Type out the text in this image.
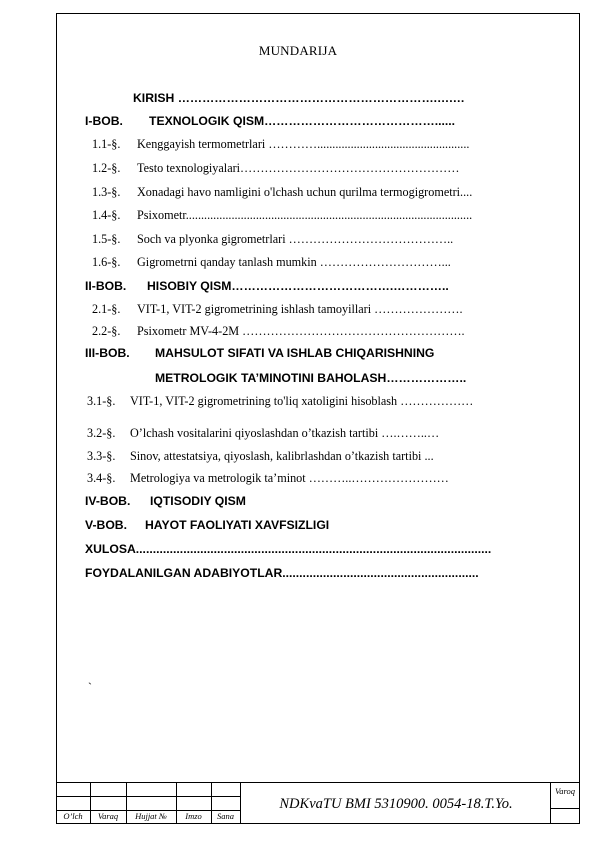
MUNDARIJA
KIRISH ……………………………………………………….….…
I-BOB. TEXNOLOGIK QISM……………………………………......
1.1-§. Kenggayish termometrlari …………..................................................
1.2-§. Testo texnologiyalari………………………………………………
1.3-§. Xonadagi havo namligini o'lchash uchun qurilma termogigrometri....
1.4-§. Psixometr..............................................................................................
1.5-§. Soch va plyonka gigrometrlari …………………………………..
1.6-§. Gigrometrni qanday tanlash mumkin …………………………...
II-BOB. HISOBIY QISM………………………………….…………..
2.1-§. VIT-1, VIT-2 gigrometrining ishlash tamoyillari ………………….
2.2-§. Psixometr MV-4-2M ……………………………………………….
III-BOB. MAHSULOT SIFATI VA ISHLAB CHIQARISHNING
METROLOGIK TA’MINOTINI BAHOLASH………………..
3.1-§. VIT-1, VIT-2 gigrometrining to'liq xatoligini hisoblash ………………
3.2-§. O’lchash vositalarini qiyoslashdan o’tkazish tartibi ….……..…
3.3-§. Sinov, attestatsiya, qiyoslash, kalibrlashdan o’tkazish tartibi ...
3.4-§. Metrologiya va metrologik ta’minot ………..……………………
IV-BOB. IQTISODIY QISM
V-BOB. HAYOT FAOLIYATI XAVFSIZLIGI
XULOSA.........................................................................................................
FOYDALANILGAN ADABIYOTLAR..........................................................
`
O’lch	Varaq	Hujjat №	Imzo	Sana
NDKvaTU BMI 5310900. 0054-18.T.Yo.
Varoq
